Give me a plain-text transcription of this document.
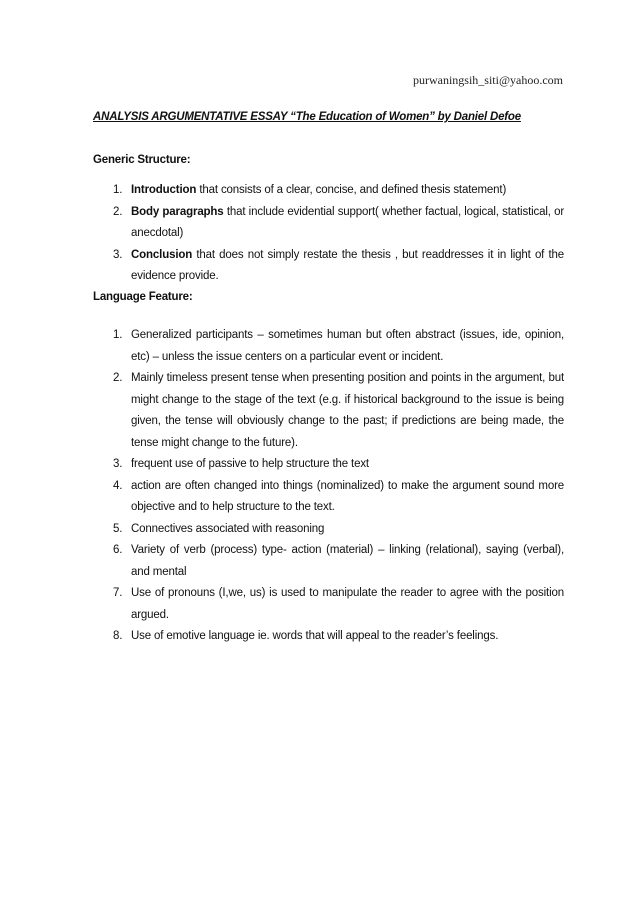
purwaningsih_siti@yahoo.com
ANALYSIS ARGUMENTATIVE ESSAY “The Education of Women” by Daniel Defoe
Generic Structure:
1. Introduction that consists of a clear, concise, and defined thesis statement)
2. Body paragraphs that include evidential support( whether factual, logical, statistical, or anecdotal)
3. Conclusion that does not simply restate the thesis , but readdresses it in light of the evidence provide.
Language Feature:
1. Generalized participants – sometimes human but often abstract (issues, ide, opinion, etc) – unless the issue centers on a particular event or incident.
2. Mainly timeless present tense when presenting position and points in the argument, but might change to the stage of the text (e.g. if historical background to the issue is being given, the tense will obviously change to the past; if predictions are being made, the tense might change to the future).
3. frequent use of passive to help structure the text
4. action are often changed into things (nominalized) to make the argument sound more objective and to help structure to the text.
5. Connectives associated with reasoning
6. Variety of verb (process) type- action (material) – linking (relational), saying (verbal), and mental
7. Use of pronouns (I,we, us) is used to manipulate the reader to agree with the position argued.
8. Use of emotive language ie. words that will appeal to the reader’s feelings.
